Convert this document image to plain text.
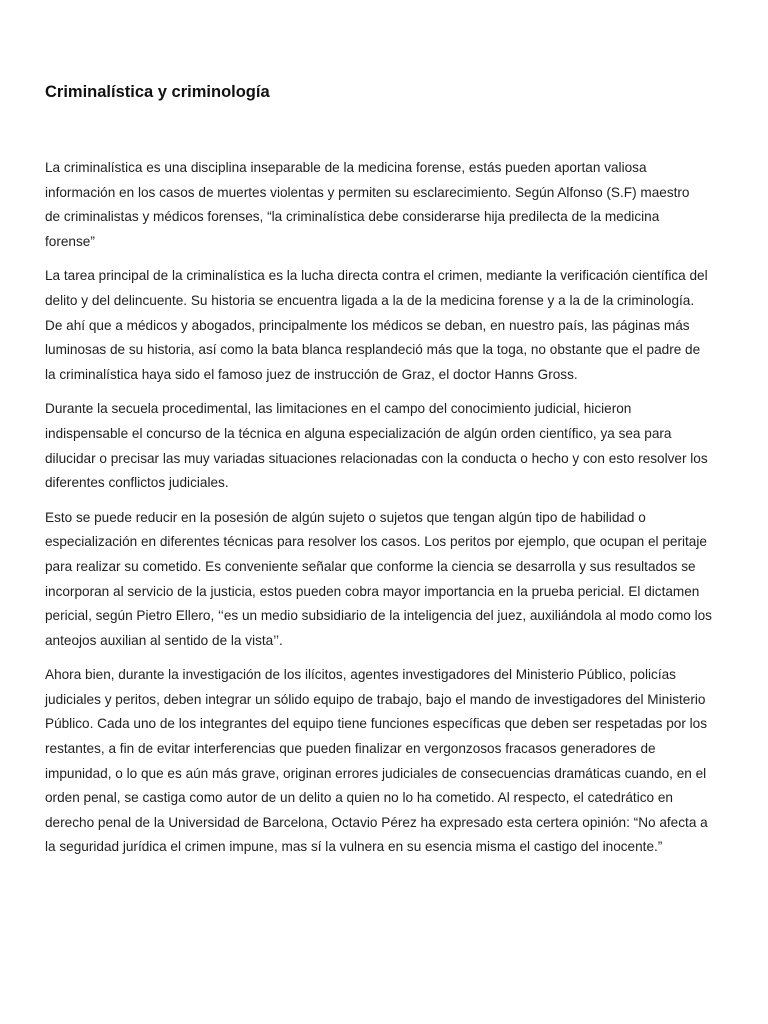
Criminalística y criminología

La criminalística es una disciplina inseparable de la medicina forense, estás pueden aportan valiosa
información en los casos de muertes violentas y permiten su esclarecimiento. Según Alfonso (S.F) maestro
de criminalistas y médicos forenses, “la criminalística debe considerarse hija predilecta de la medicina
forense”

La tarea principal de la criminalística es la lucha directa contra el crimen, mediante la verificación científica del
delito y del delincuente. Su historia se encuentra ligada a la de la medicina forense y a la de la criminología.
De ahí que a médicos y abogados, principalmente los médicos se deban, en nuestro país, las páginas más
luminosas de su historia, así como la bata blanca resplandeció más que la toga, no obstante que el padre de
la criminalística haya sido el famoso juez de instrucción de Graz, el doctor Hanns Gross.

Durante la secuela procedimental, las limitaciones en el campo del conocimiento judicial, hicieron
indispensable el concurso de la técnica en alguna especialización de algún orden científico, ya sea para
dilucidar o precisar las muy variadas situaciones relacionadas con la conducta o hecho y con esto resolver los
diferentes conflictos judiciales.

Esto se puede reducir en la posesión de algún sujeto o sujetos que tengan algún tipo de habilidad o
especialización en diferentes técnicas para resolver los casos. Los peritos por ejemplo, que ocupan el peritaje
para realizar su cometido. Es conveniente señalar que conforme la ciencia se desarrolla y sus resultados se
incorporan al servicio de la justicia, estos pueden cobra mayor importancia en la prueba pericial. El dictamen
pericial, según Pietro Ellero, ‘‘es un medio subsidiario de la inteligencia del juez, auxiliándola al modo como los
anteojos auxilian al sentido de la vista’’.

Ahora bien, durante la investigación de los ilícitos, agentes investigadores del Ministerio Público, policías
judiciales y peritos, deben integrar un sólido equipo de trabajo, bajo el mando de investigadores del Ministerio
Público. Cada uno de los integrantes del equipo tiene funciones específicas que deben ser respetadas por los
restantes, a fin de evitar interferencias que pueden finalizar en vergonzosos fracasos generadores de
impunidad, o lo que es aún más grave, originan errores judiciales de consecuencias dramáticas cuando, en el
orden penal, se castiga como autor de un delito a quien no lo ha cometido. Al respecto, el catedrático en
derecho penal de la Universidad de Barcelona, Octavio Pérez ha expresado esta certera opinión: “No afecta a
la seguridad jurídica el crimen impune, mas sí la vulnera en su esencia misma el castigo del inocente.”
